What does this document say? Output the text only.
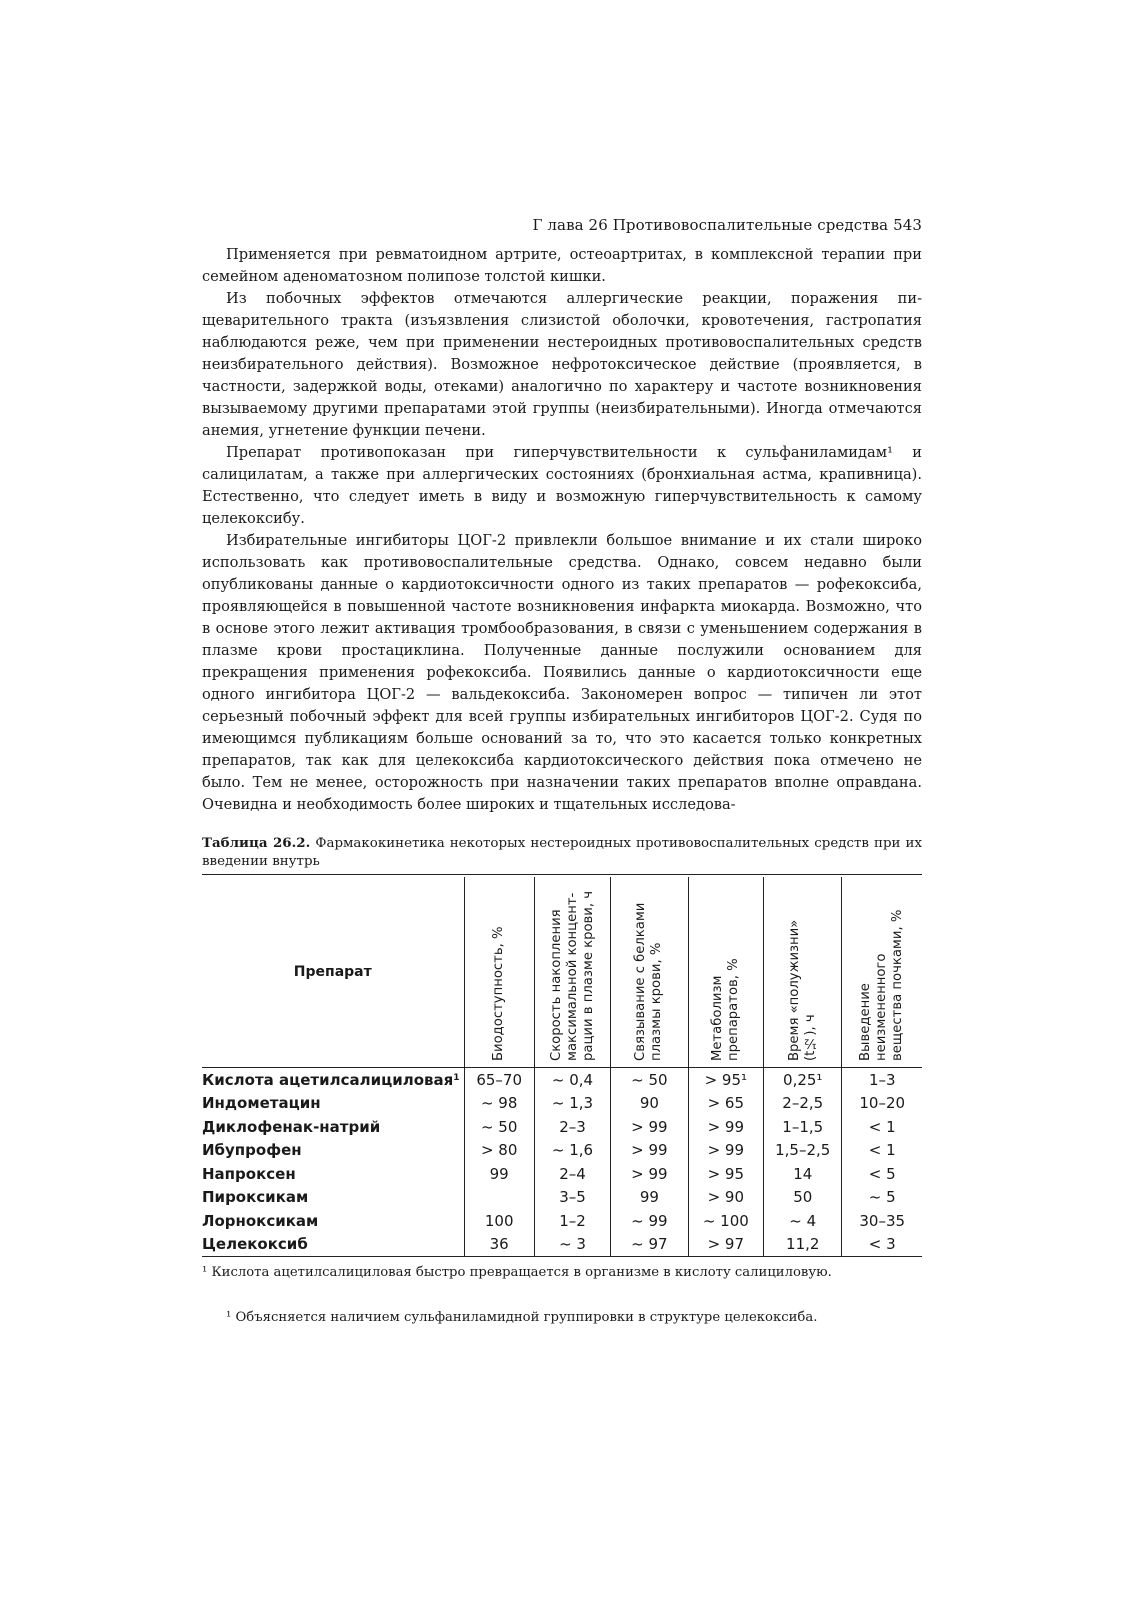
Г лава 26 Противовоспалительные средства 543

Применяется при ревматоидном артрите, остеоартритах, в комплексной терапии при семейном аденоматозном полипозе толстой кишки.

Из побочных эффектов отмечаются аллергические реакции, поражения пищеварительного тракта (изъязвления слизистой оболочки, кровотечения, гастропатия наблюдаются реже, чем при применении нестероидных противовоспалительных средств неизбирательного действия). Возможное нефротоксическое действие (проявляется, в частности, задержкой воды, отеками) аналогично по характеру и частоте возникновения вызываемому другими препаратами этой группы (неизбирательными). Иногда отмечаются анемия, угнетение функции печени.

Препарат противопоказан при гиперчувствительности к сульфаниламидам¹ и салицилатам, а также при аллергических состояниях (бронхиальная астма, крапивница). Естественно, что следует иметь в виду и возможную гиперчувствительность к самому целекоксибу.

Избирательные ингибиторы ЦОГ-2 привлекли большое внимание и их стали широко использовать как противовоспалительные средства. Однако, совсем недавно были опубликованы данные о кардиотоксичности одного из таких препаратов — рофекоксиба, проявляющейся в повышенной частоте возникновения инфаркта миокарда. Возможно, что в основе этого лежит активация тромбообразования, в связи с уменьшением содержания в плазме крови простациклина. Полученные данные послужили основанием для прекращения применения рофекоксиба. Появились данные о кардиотоксичности еще одного ингибитора ЦОГ-2 — вальдекоксиба. Закономерен вопрос — типичен ли этот серьезный побочный эффект для всей группы избирательных ингибиторов ЦОГ-2. Судя по имеющимся публикациям больше оснований за то, что это касается только конкретных препаратов, так как для целекоксиба кардиотоксического действия пока отмечено не было. Тем не менее, осторожность при назначении таких препаратов вполне оправдана. Очевидна и необходимость более широких и тщательных исследова-

Таблица 26.2. Фармакокинетика некоторых нестероидных противовоспалительных средств при их введении внутрь
Препарат	Биодоступность, %	Скорость накопления
максимальной концент-
рации в плазме крови, ч	Связывание с белками
плазмы крови, %	Метаболизм
препаратов, %	Время «полужизни»
(t½), ч	Выведение
неизмененного
вещества почками, %

Кислота ацетилсалициловая$^1$	65–70	~ 0,4	~ 50	> 95¹	0,25¹	1–3
Индометацин	~ 98	~ 1,3	90	> 65	2–2,5	10–20
Диклофенак-натрий	~ 50	2–3	> 99	> 99	1–1,5	< 1
Ибупрофен	> 80	~ 1,6	> 99	> 99	1,5–2,5	< 1
Напроксен	99	2–4	> 99	> 95	14	< 5
Пироксикам		3–5	99	> 90	50	~ 5
Лорноксикам	100	1–2	~ 99	~ 100	~ 4	30–35
Целекоксиб	36	~ 3	~ 97	> 97	11,2	< 3

¹ Кислота ацетилсалициловая быстро превращается в организме в кислоту салициловую.

¹ Объясняется наличием сульфаниламидной группировки в структуре целекоксиба.
